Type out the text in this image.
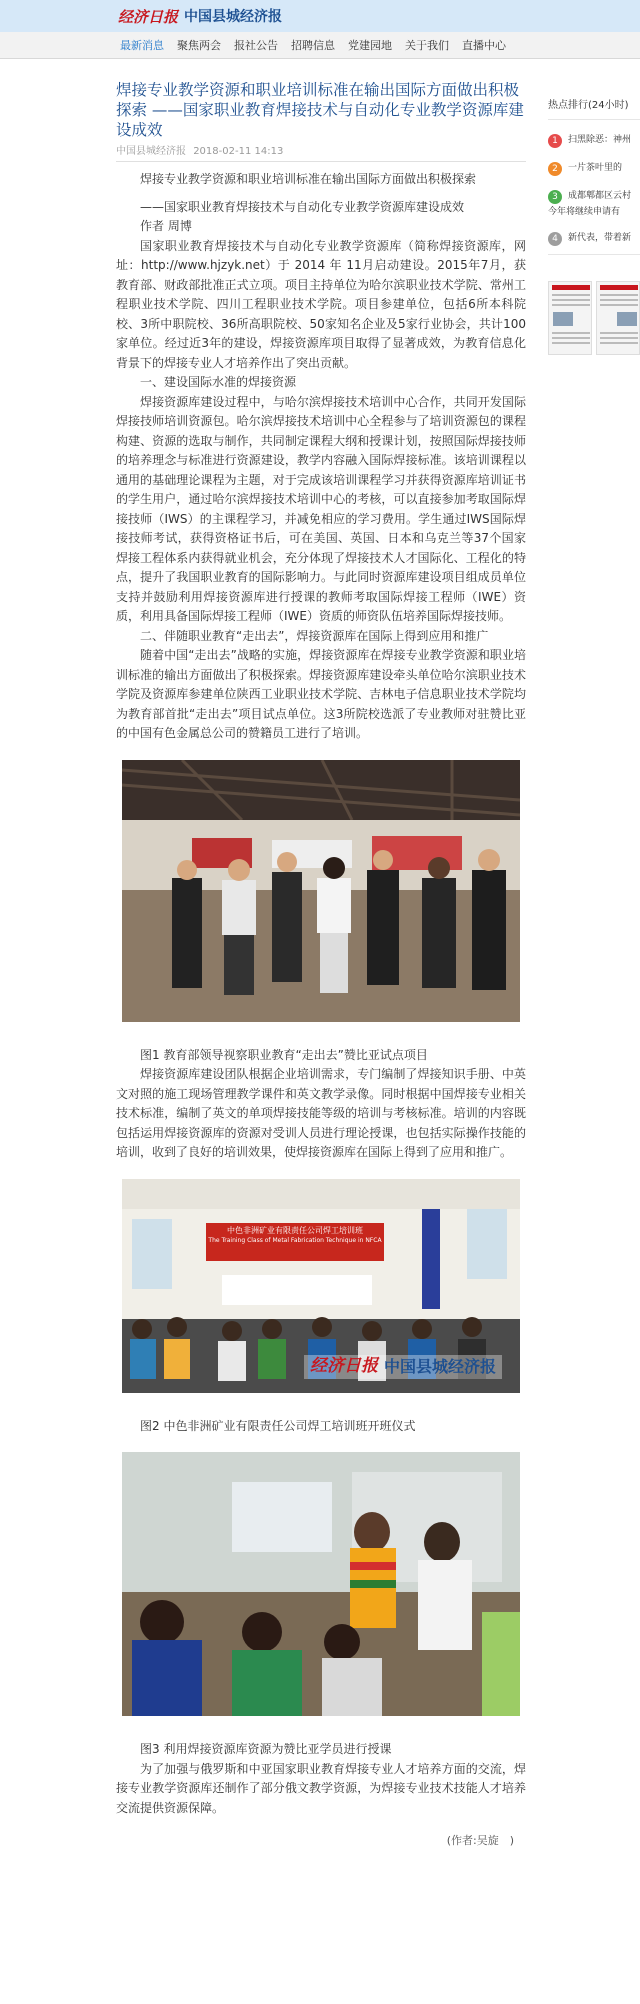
经济日报 中国县城经济报
最新消息 聚焦两会 报社公告 招聘信息 党建园地 关于我们 直播中心
焊接专业教学资源和职业培训标准在输出国际方面做出积极探索 ——国家职业教育焊接技术与自动化专业教学资源库建设成效
中国县城经济报 2018-02-11 14:13

焊接专业教学资源和职业培训标准在输出国际方面做出积极探索

——国家职业教育焊接技术与自动化专业教学资源库建设成效

作者 周博

国家职业教育焊接技术与自动化专业教学资源库（简称焊接资源库，网址：http://www.hjzyk.net）于 2014 年 11月启动建设。2015年7月，获教育部、财政部批准正式立项。项目主持单位为哈尔滨职业技术学院、常州工程职业技术学院、四川工程职业技术学院。项目参建单位，包括6所本科院校、3所中职院校、36所高职院校、50家知名企业及5家行业协会，共计100家单位。经过近3年的建设，焊接资源库项目取得了显著成效，为教育信息化背景下的焊接专业人才培养作出了突出贡献。

一、建设国际水准的焊接资源

焊接资源库建设过程中，与哈尔滨焊接技术培训中心合作，共同开发国际焊接技师培训资源包。哈尔滨焊接技术培训中心全程参与了培训资源包的课程构建、资源的选取与制作，共同制定课程大纲和授课计划，按照国际焊接技师的培养理念与标准进行资源建设，教学内容融入国际焊接标准。该培训课程以通用的基础理论课程为主题，对于完成该培训课程学习并获得资源库培训证书的学生用户，通过哈尔滨焊接技术培训中心的考核，可以直接参加考取国际焊接技师（IWS）的主课程学习，并减免相应的学习费用。学生通过IWS国际焊接技师考试，获得资格证书后，可在美国、英国、日本和乌克兰等37个国家焊接工程体系内获得就业机会，充分体现了焊接技术人才国际化、工程化的特点，提升了我国职业教育的国际影响力。与此同时资源库建设项目组成员单位支持并鼓励利用焊接资源库进行授课的教师考取国际焊接工程师（IWE）资质，利用具备国际焊接工程师（IWE）资质的师资队伍培养国际焊接技师。

二、伴随职业教育“走出去”，焊接资源库在国际上得到应用和推广

随着中国“走出去”战略的实施，焊接资源库在焊接专业教学资源和职业培训标准的输出方面做出了积极探索。焊接资源库建设牵头单位哈尔滨职业技术学院及资源库参建单位陕西工业职业技术学院、吉林电子信息职业技术学院均为教育部首批“走出去”项目试点单位。这3所院校选派了专业教师对驻赞比亚的中国有色金属总公司的赞籍员工进行了培训。

图1 教育部领导视察职业教育“走出去”赞比亚试点项目

焊接资源库建设团队根据企业培训需求，专门编制了焊接知识手册、中英文对照的施工现场管理教学课件和英文教学录像。同时根据中国焊接专业相关技术标准，编制了英文的单项焊接技能等级的培训与考核标准。培训的内容既包括运用焊接资源库的资源对受训人员进行理论授课，也包括实际操作技能的培训，收到了良好的培训效果，使焊接资源库在国际上得到了应用和推广。

中色非洲矿业有限责任公司焊工培训班
The Training Class of Metal Fabrication Technique in NFCA
经济日报 中国县城经济报

图2 中色非洲矿业有限责任公司焊工培训班开班仪式

图3 利用焊接资源库资源为赞比亚学员进行授课

为了加强与俄罗斯和中亚国家职业教育焊接专业人才培养方面的交流，焊接专业教学资源库还制作了部分俄文教学资源，为焊接专业技术技能人才培养交流提供资源保障。

(作者:吴旋　)
热点排行(24小时)
1	扫黑除恶：神州
2	一片茶叶里的
3	成都郫都区云村
今年将继续申请有
4	新代表，带着新
